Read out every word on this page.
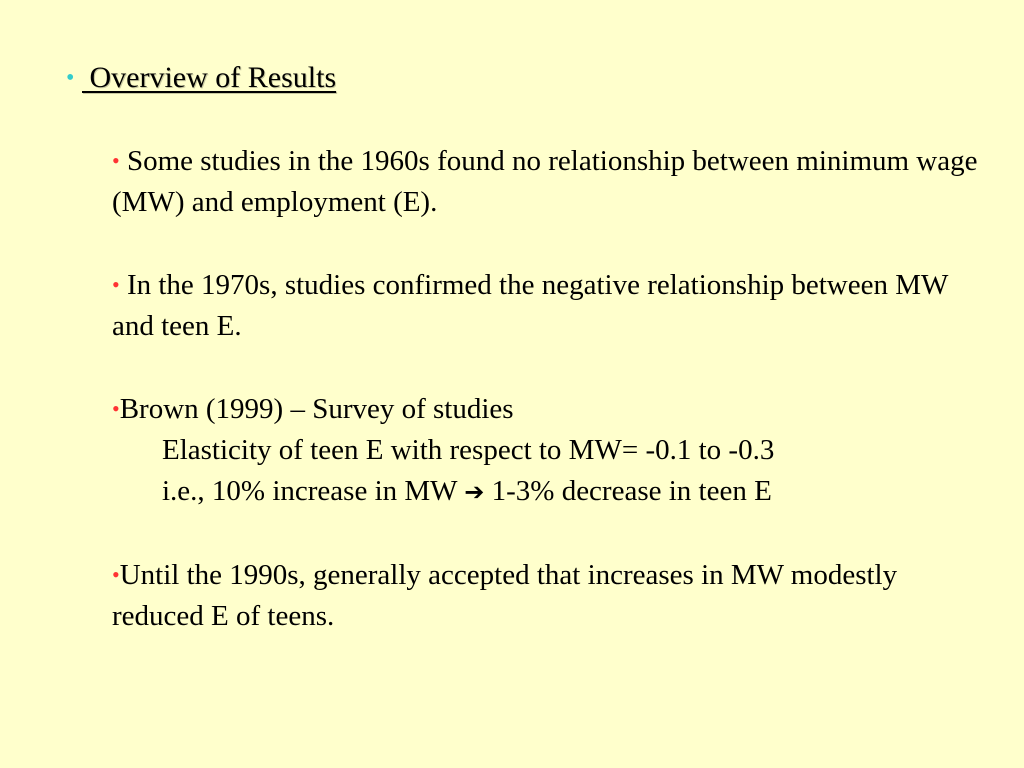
• Overview of Results

• Some studies in the 1960s found no relationship between minimum wage (MW) and employment (E).

• In the 1970s, studies confirmed the negative relationship between MW and teen E.

•Brown (1999) – Survey of studies
Elasticity of teen E with respect to MW= -0.1 to -0.3
i.e., 10% increase in MW ➔ 1-3% decrease in teen E

•Until the 1990s, generally accepted that increases in MW modestly reduced E of teens.
